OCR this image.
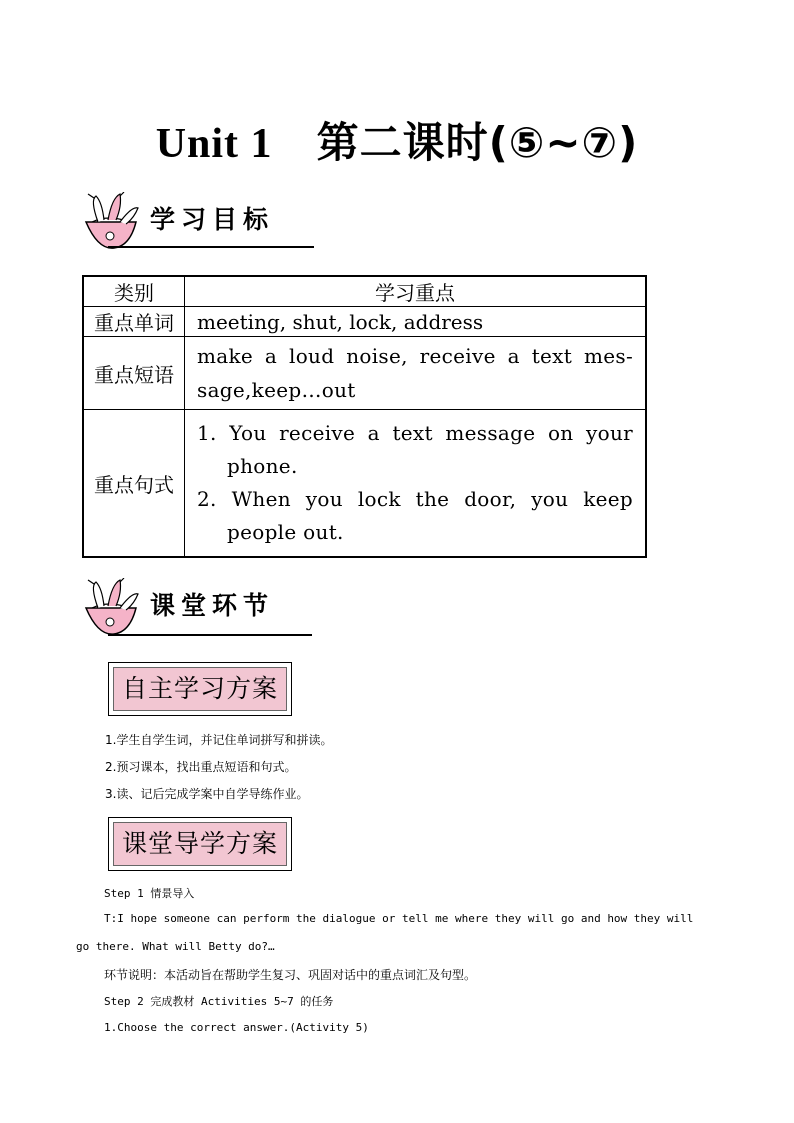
Unit 1 第二课时(⑤~⑦)
学习目标
类别	学习重点
重点单词	meeting, shut, lock, address
重点短语	make a loud noise, receive a text mes-sage,keep…out

重点句式	1. You receive a text message on your phone.
2. When you lock the door, you keep people out.
课堂环节
自主学习方案
1.学生自学生词，并记住单词拼写和拼读。
2.预习课本，找出重点短语和句式。
3.读、记后完成学案中自学导练作业。
课堂导学方案
Step 1 情景导入
T:I hope someone can perform the dialogue or tell me where they will go and how they will
go there. What will Betty do?…
环节说明：本活动旨在帮助学生复习、巩固对话中的重点词汇及句型。
Step 2 完成教材 Activities 5~7 的任务
1.Choose the correct answer.(Activity 5)
